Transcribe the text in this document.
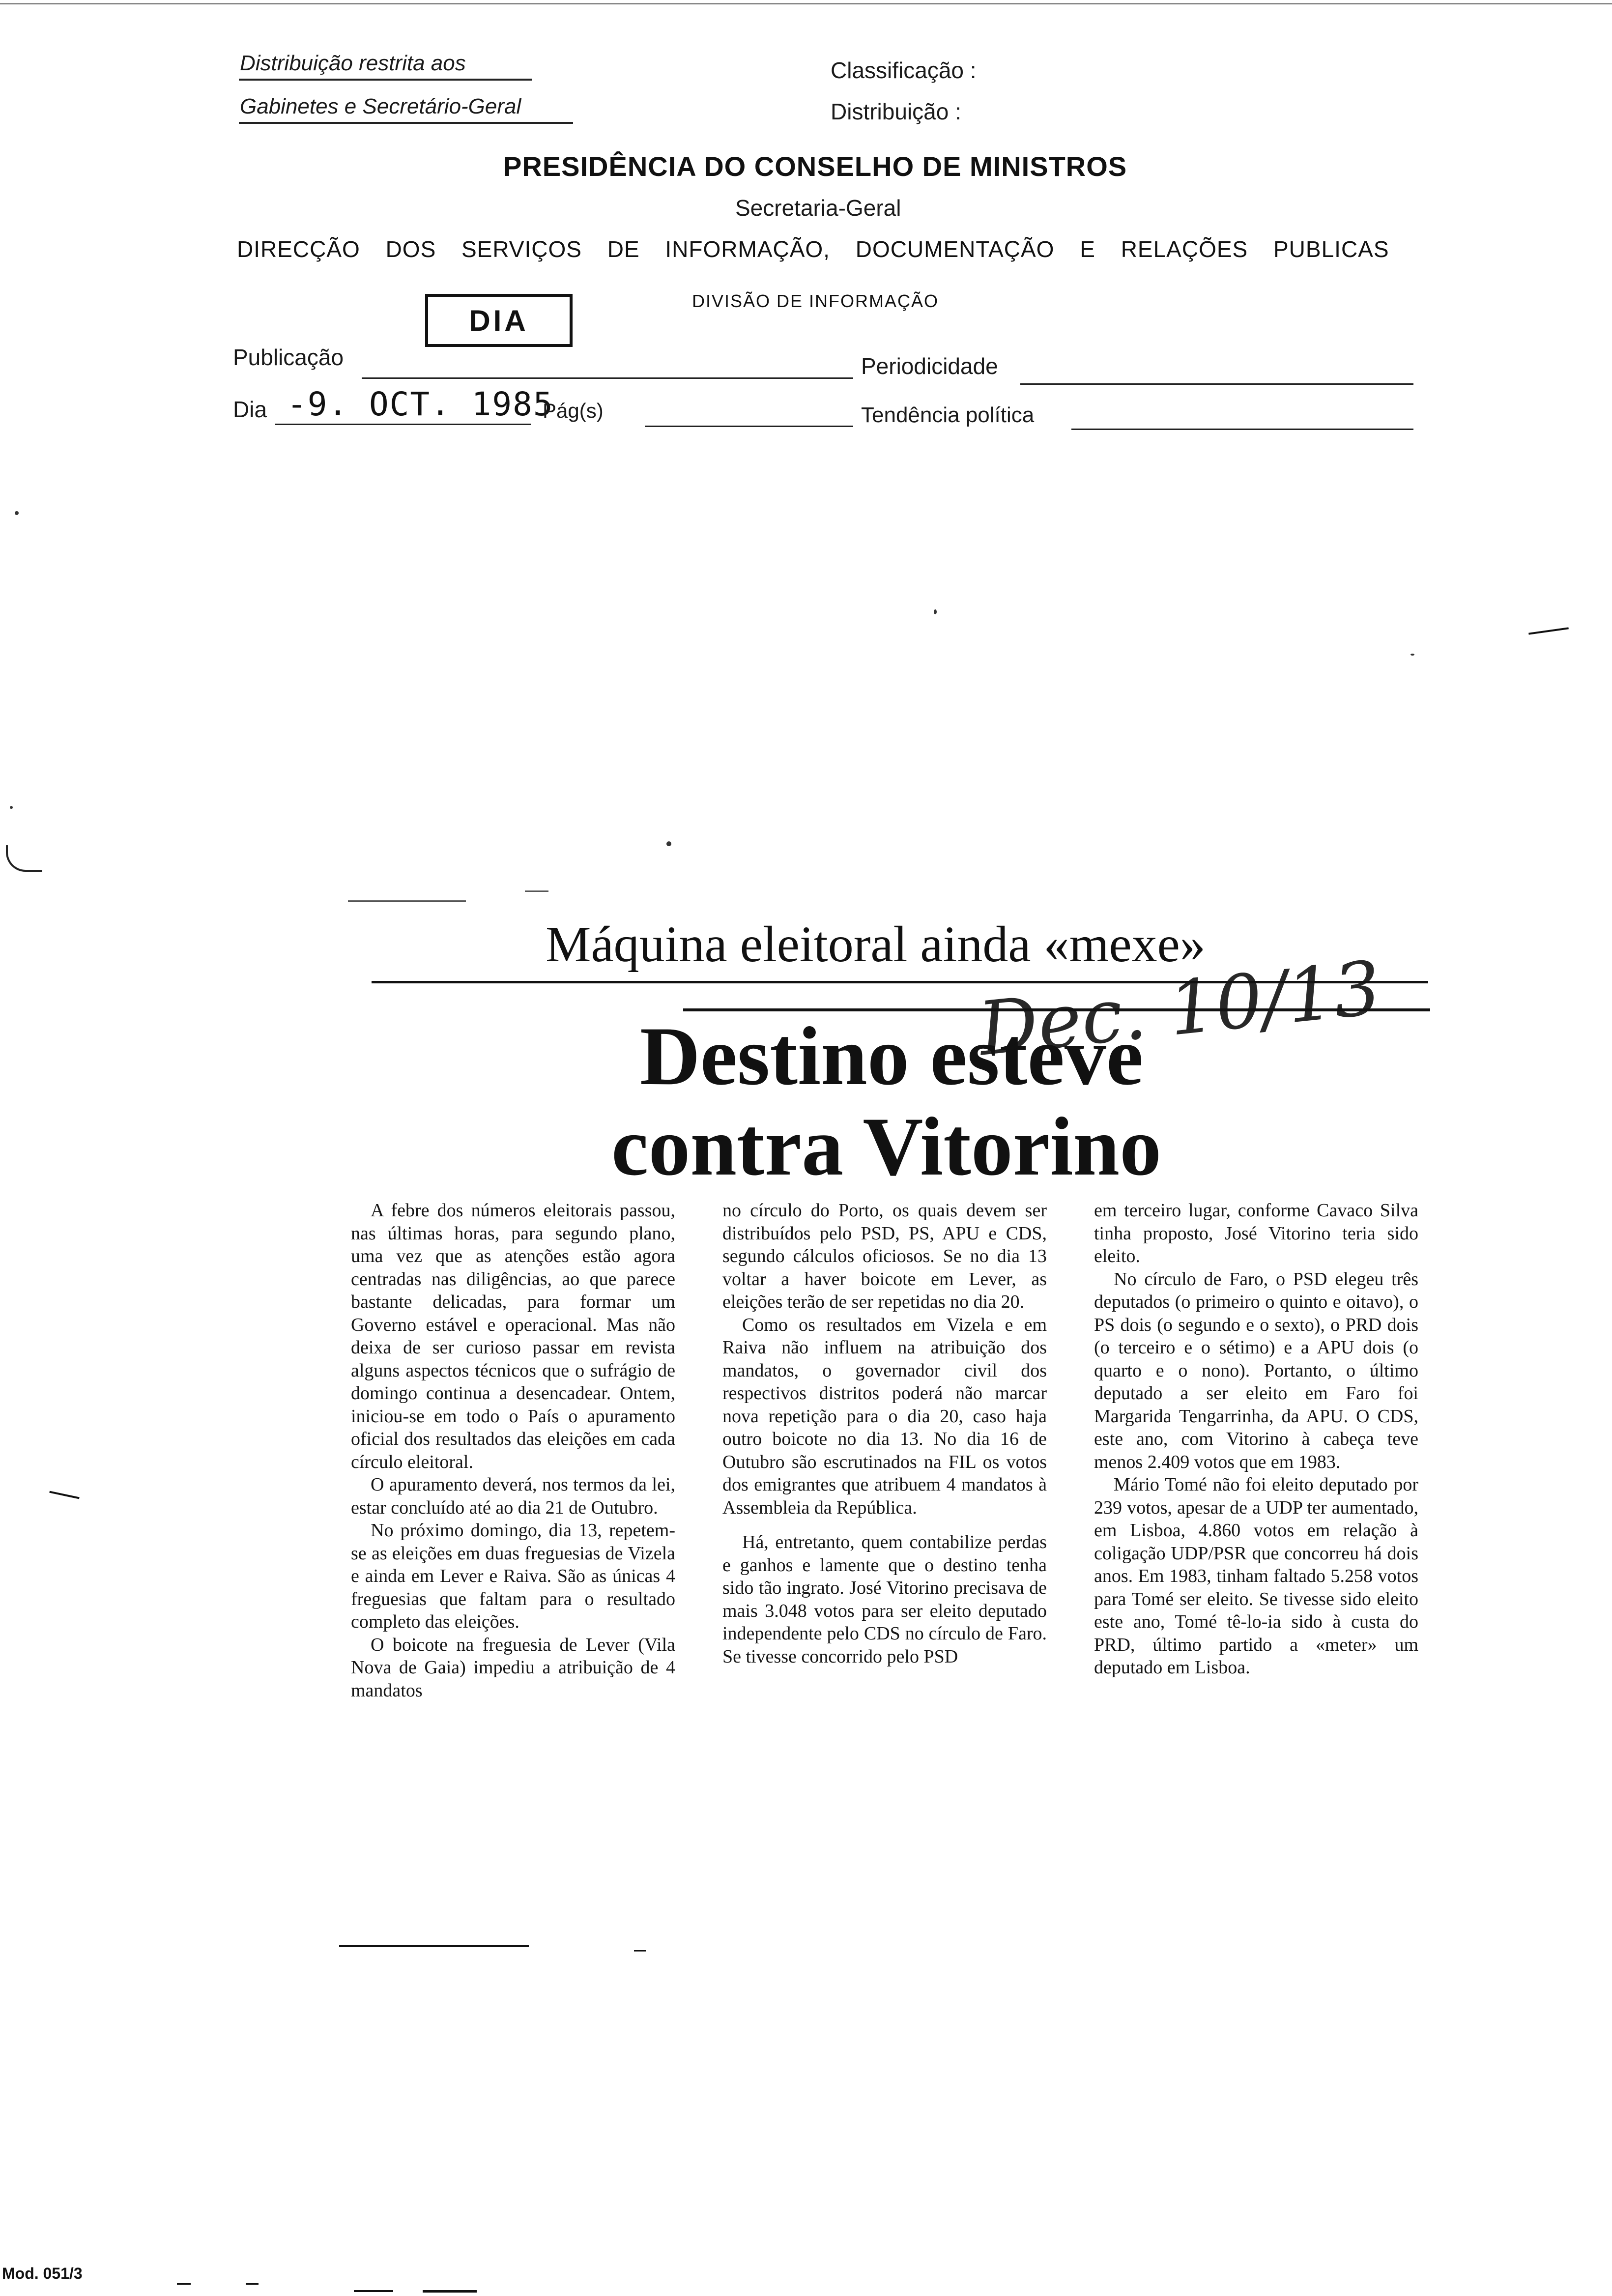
Distribuição restrita aos
Gabinetes e Secretário-Geral
Classificação :
Distribuição :
PRESIDÊNCIA DO CONSELHO DE MINISTROS
Secretaria-Geral
DIRECÇÃO DOS SERVIÇOS DE INFORMAÇÃO, DOCUMENTAÇÃO E RELAÇÕES PUBLICAS
DIA
DIVISÃO DE INFORMAÇÃO
Publicação	Periodicidade
Dia -9. OCT. 1985
Pág(s)	Tendência política
Máquina eleitoral ainda «mexe»
Destino esteve
contra Vitorino
Dec. 10/13

A febre dos números eleitorais passou, nas últimas horas, para segundo plano, uma vez que as atenções estão agora centradas nas diligências, ao que parece bastante delicadas, para formar um Governo estável e operacional. Mas não deixa de ser curioso passar em revista alguns aspectos técnicos que o sufrágio de domingo continua a desencadear. Ontem, iniciou-se em todo o País o apuramento oficial dos resultados das eleições em cada círculo eleitoral.

O apuramento deverá, nos termos da lei, estar concluído até ao dia 21 de Outubro.

No próximo domingo, dia 13, repetem-se as eleições em duas freguesias de Vizela e ainda em Lever e Raiva. São as únicas 4 freguesias que faltam para o resultado completo das eleições.

O boicote na freguesia de Lever (Vila Nova de Gaia) impediu a atribuição de 4 mandatos

no círculo do Porto, os quais devem ser distribuídos pelo PSD, PS, APU e CDS, segundo cálculos oficiosos. Se no dia 13 voltar a haver boicote em Lever, as eleições terão de ser repetidas no dia 20.

Como os resultados em Vizela e em Raiva não influem na atribuição dos mandatos, o governador civil dos respectivos distritos poderá não marcar nova repetição para o dia 20, caso haja outro boicote no dia 13. No dia 16 de Outubro são escrutinados na FIL os votos dos emigrantes que atribuem 4 mandatos à Assembleia da República.

Há, entretanto, quem contabilize perdas e ganhos e lamente que o destino tenha sido tão ingrato. José Vitorino precisava de mais 3.048 votos para ser eleito deputado independente pelo CDS no círculo de Faro. Se tivesse concorrido pelo PSD

em terceiro lugar, conforme Cavaco Silva tinha proposto, José Vitorino teria sido eleito.

No círculo de Faro, o PSD elegeu três deputados (o primeiro o quinto e oitavo), o PS dois (o segundo e o sexto), o PRD dois (o terceiro e o sétimo) e a APU dois (o quarto e o nono). Portanto, o último deputado a ser eleito em Faro foi Margarida Tengarrinha, da APU. O CDS, este ano, com Vitorino à cabeça teve menos 2.409 votos que em 1983.

Mário Tomé não foi eleito deputado por 239 votos, apesar de a UDP ter aumentado, em Lisboa, 4.860 votos em relação à coligação UDP/PSR que concorreu há dois anos. Em 1983, tinham faltado 5.258 votos para Tomé ser eleito. Se tivesse sido eleito este ano, Tomé tê-lo-ia sido à custa do PRD, último partido a «meter» um deputado em Lisboa.

Mod. 051/3
